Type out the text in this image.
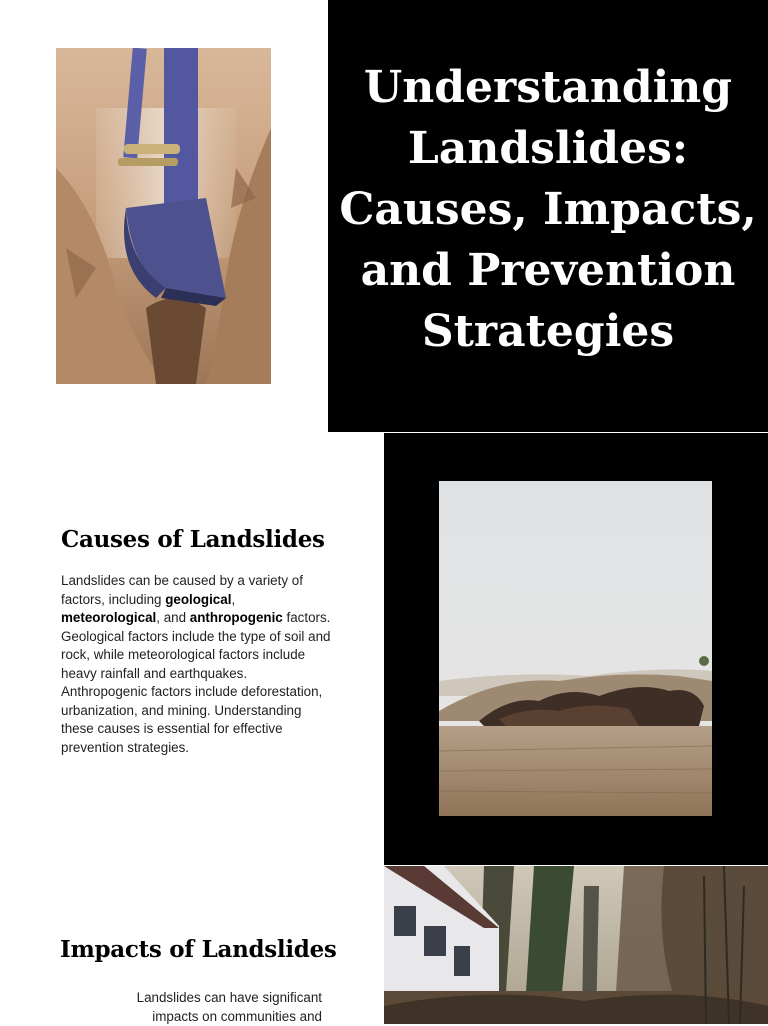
Understanding
Landslides:
Causes, Impacts,
and Prevention
Strategies
Causes of Landslides

Landslides can be caused by a variety of factors, including geological, meteorological, and anthropogenic factors. Geological factors include the type of soil and rock, while meteorological factors include heavy rainfall and earthquakes. Anthropogenic factors include deforestation, urbanization, and mining. Understanding these causes is essential for effective prevention strategies.

Impacts of Landslides

Landslides can have significant
impacts on communities and
